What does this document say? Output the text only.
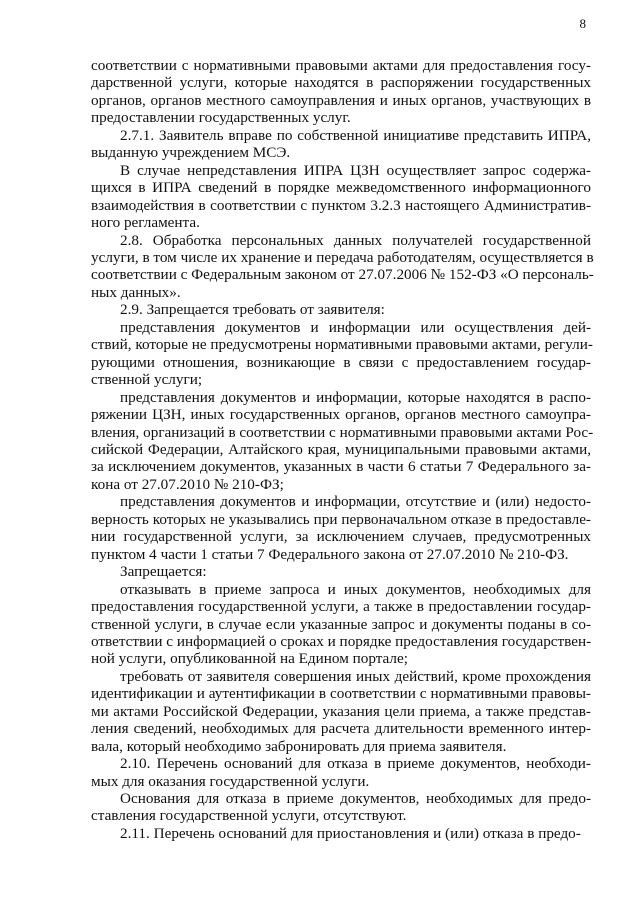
8
соответствии с нормативными правовыми актами для предоставления госу-
дарственной услуги, которые находятся в распоряжении государственных
органов, органов местного самоуправления и иных органов, участвующих в
предоставлении государственных услуг.
2.7.1. Заявитель вправе по собственной инициативе представить ИПРА,
выданную учреждением МСЭ.
В случае непредставления ИПРА ЦЗН осуществляет запрос содержа-
щихся в ИПРА сведений в порядке межведомственного информационного
взаимодействия в соответствии с пунктом 3.2.3 настоящего Административ-
ного регламента.
2.8. Обработка персональных данных получателей государственной
услуги, в том числе их хранение и передача работодателям, осуществляется в
соответствии с Федеральным законом от 27.07.2006 № 152-ФЗ «О персональ-
ных данных».
2.9. Запрещается требовать от заявителя:
представления документов и информации или осуществления дей-
ствий, которые не предусмотрены нормативными правовыми актами, регули-
рующими отношения, возникающие в связи с предоставлением государ-
ственной услуги;
представления документов и информации, которые находятся в распо-
ряжении ЦЗН, иных государственных органов, органов местного самоупра-
вления, организаций в соответствии с нормативными правовыми актами Рос-
сийской Федерации, Алтайского края, муниципальными правовыми актами,
за исключением документов, указанных в части 6 статьи 7 Федерального за-
кона от 27.07.2010 № 210-ФЗ;
представления документов и информации, отсутствие и (или) недосто-
верность которых не указывались при первоначальном отказе в предоставле-
нии государственной услуги, за исключением случаев, предусмотренных
пунктом 4 части 1 статьи 7 Федерального закона от 27.07.2010 № 210-ФЗ.
Запрещается:
отказывать в приеме запроса и иных документов, необходимых для
предоставления государственной услуги, а также в предоставлении государ-
ственной услуги, в случае если указанные запрос и документы поданы в со-
ответствии с информацией о сроках и порядке предоставления государствен-
ной услуги, опубликованной на Едином портале;
требовать от заявителя совершения иных действий, кроме прохождения
идентификации и аутентификации в соответствии с нормативными правовы-
ми актами Российской Федерации, указания цели приема, а также представ-
ления сведений, необходимых для расчета длительности временного интер-
вала, который необходимо забронировать для приема заявителя.
2.10. Перечень оснований для отказа в приеме документов, необходи-
мых для оказания государственной услуги.
Основания для отказа в приеме документов, необходимых для предо-
ставления государственной услуги, отсутствуют.
2.11. Перечень оснований для приостановления и (или) отказа в предо-
